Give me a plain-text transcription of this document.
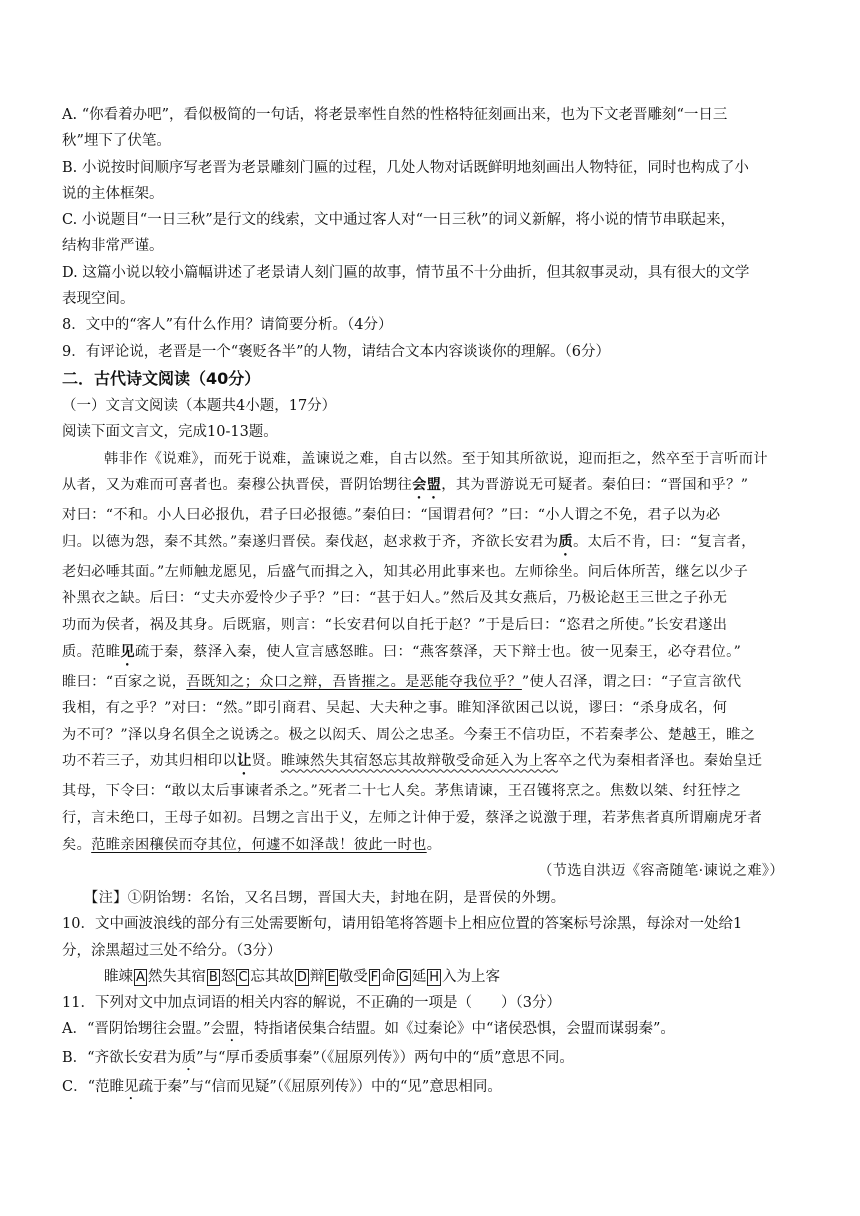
A. “你看着办吧”，看似极简的一句话，将老景率性自然的性格特征刻画出来，也为下文老晋雕刻“一日三
秋”埋下了伏笔。
B. 小说按时间顺序写老晋为老景雕刻门匾的过程，几处人物对话既鲜明地刻画出人物特征，同时也构成了小
说的主体框架。
C. 小说题目“一日三秋”是行文的线索，文中通过客人对“一日三秋”的词义新解，将小说的情节串联起来，
结构非常严谨。
D. 这篇小说以较小篇幅讲述了老景请人刻门匾的故事，情节虽不十分曲折，但其叙事灵动，具有很大的文学
表现空间。
8．文中的“客人”有什么作用？请简要分析。（4分）
9．有评论说，老晋是一个“褒贬各半”的人物，请结合文本内容谈谈你的理解。（6分）
二．古代诗文阅读（40分）
（一）文言文阅读（本题共4小题，17分）
阅读下面文言文，完成10-13题。
韩非作《说难》，而死于说难，盖谏说之难，自古以然。至于知其所欲说，迎而拒之，然卒至于言听而计
从者，又为难而可喜者也。秦穆公执晋侯，晋阴饴甥往会盟，其为晋游说无可疑者。秦伯曰：“晋国和乎？”
对曰：“不和。小人曰必报仇，君子曰必报德。”秦伯曰：“国谓君何？”曰：“小人谓之不免，君子以为必
归。以德为怨，秦不其然。”秦遂归晋侯。秦伐赵，赵求救于齐，齐欲长安君为质。太后不肯，曰：“复言者，
老妇必唾其面。”左师触龙愿见，后盛气而揖之入，知其必用此事来也。左师徐坐。问后体所苦，继乞以少子
补黑衣之缺。后曰：“丈夫亦爱怜少子乎？”曰：“甚于妇人。”然后及其女燕后，乃极论赵王三世之子孙无
功而为侯者，祸及其身。后既寤，则言：“长安君何以自托于赵？”于是后曰：“恣君之所使。”长安君遂出
质。范睢见疏于秦，蔡泽入秦，使人宣言感怒睢。曰：“燕客蔡泽，天下辩士也。彼一见秦王，必夺君位。”
睢曰：“百家之说，吾既知之；众口之辩，吾皆摧之。是恶能夺我位乎？”使人召泽，谓之曰：“子宣言欲代
我相，有之乎？”对曰：“然。”即引商君、吴起、大夫种之事。睢知泽欲困己以说，谬曰：“杀身成名，何
为不可？”泽以身名俱全之说诱之。极之以闳夭、周公之忠圣。今秦王不信功臣，不若秦孝公、楚越王，睢之
功不若三子，劝其归相印以让贤。睢竦然失其宿怒忘其故辩敬受命延入为上客卒之代为秦相者泽也。秦始皇迁
其母，下令曰：“敢以太后事谏者杀之。”死者二十七人矣。茅焦请谏，王召镬将烹之。焦数以桀、纣狂悖之
行，言未绝口，王母子如初。吕甥之言出于义，左师之计伸于爱，蔡泽之说激于理，若茅焦者真所谓廟虎牙者
矣。范睢亲困穰侯而夺其位，何遽不如泽哉！彼此一时也。
（节选自洪迈《容斋随笔·谏说之难》）
【注】①阴饴甥：名饴，又名吕甥，晋国大夫，封地在阴，是晋侯的外甥。
10．文中画波浪线的部分有三处需要断句，请用铅笔将答题卡上相应位置的答案标号涂黑，每涂对一处给1
分，涂黑超过三处不给分。（3分）
睢竦 A 然失其宿 B 怒 C 忘其故 D 辩 E 敬受 F 命 G 延 H 入为上客
11．下列对文中加点词语的相关内容的解说，不正确的一项是（　　）（3分）
A．“晋阴饴甥往会盟。”会盟，特指诸侯集合结盟。如《过秦论》中“诸侯恐惧，会盟而谋弱秦”。
B．“齐欲长安君为质”与“厚币委质事秦”（《屈原列传》）两句中的“质”意思不同。
C．“范睢见疏于秦”与“信而见疑”（《屈原列传》）中的“见”意思相同。
